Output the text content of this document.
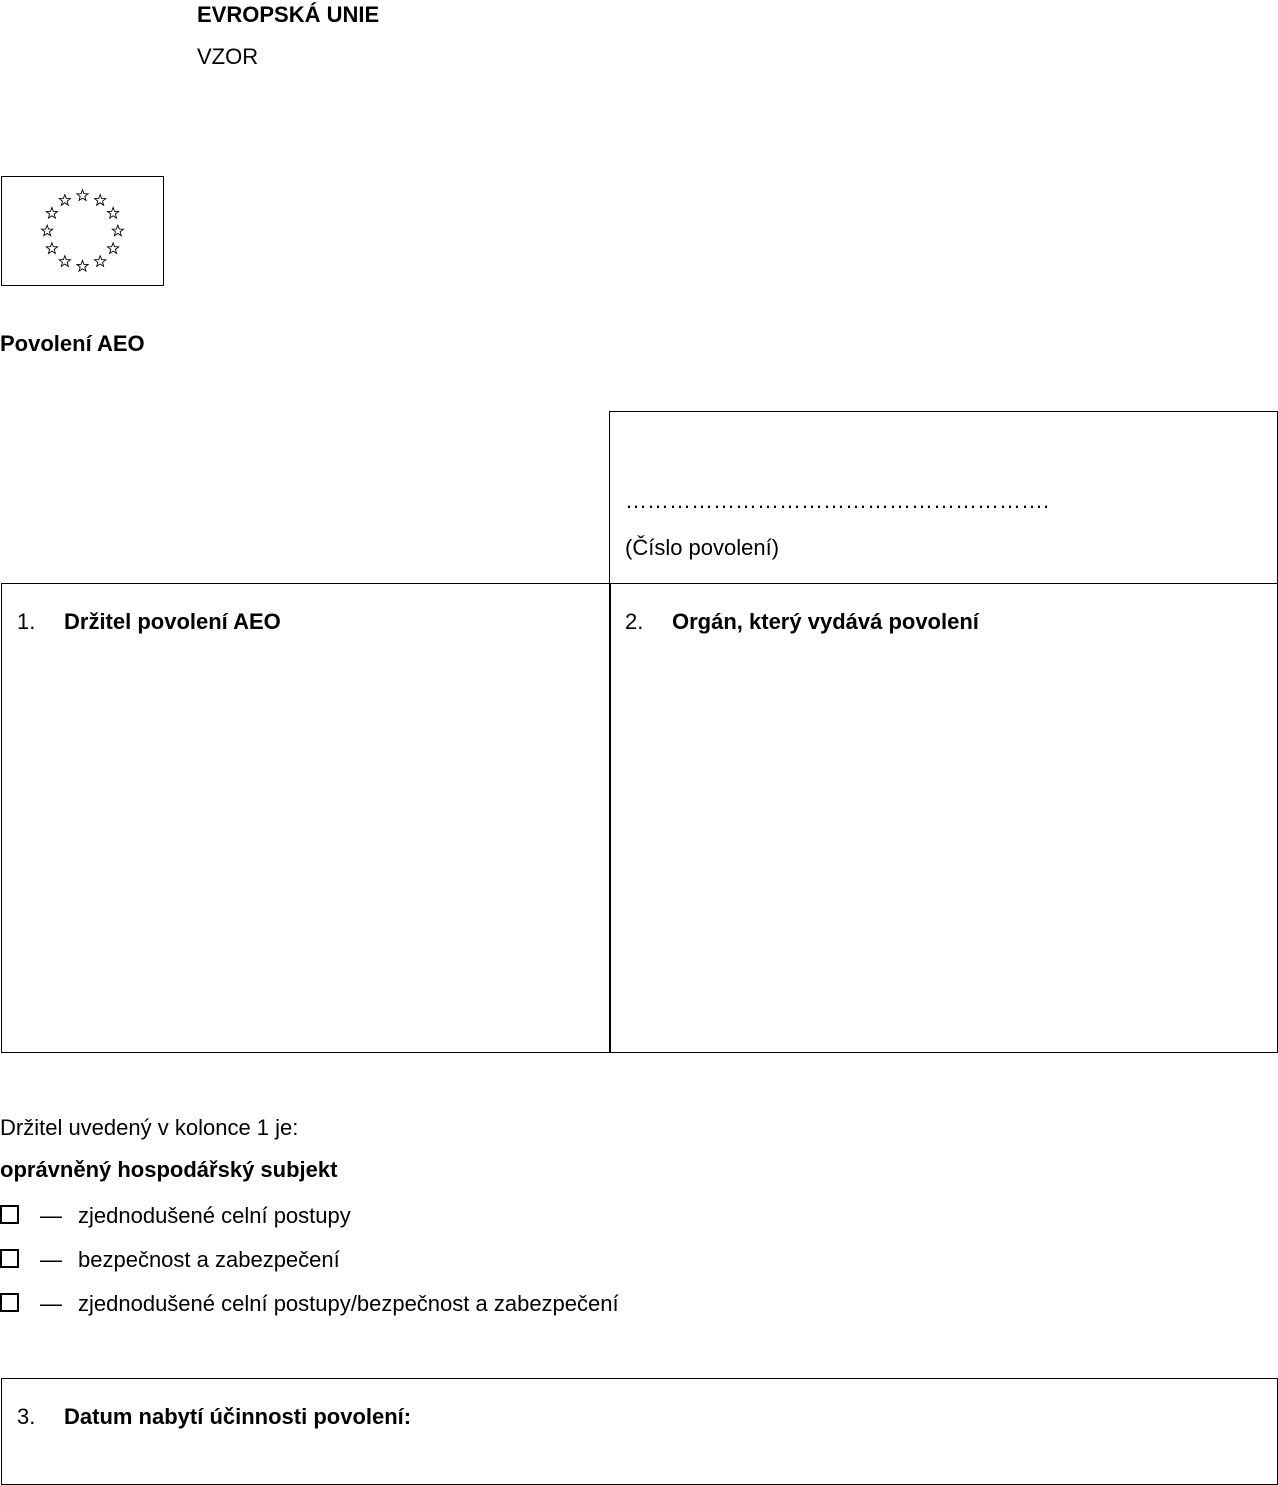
EVROPSKÁ UNIE
VZOR
Povolení AEO
………………………………………………….
(Číslo povolení)
1. Držitel povolení AEO	2. Orgán, který vydává povolení
Držitel uvedený v kolonce 1 je:
oprávněný hospodářský subjekt
— zjednodušené celní postupy
— bezpečnost a zabezpečení
— zjednodušené celní postupy/bezpečnost a zabezpečení
3. Datum nabytí účinnosti povolení:
